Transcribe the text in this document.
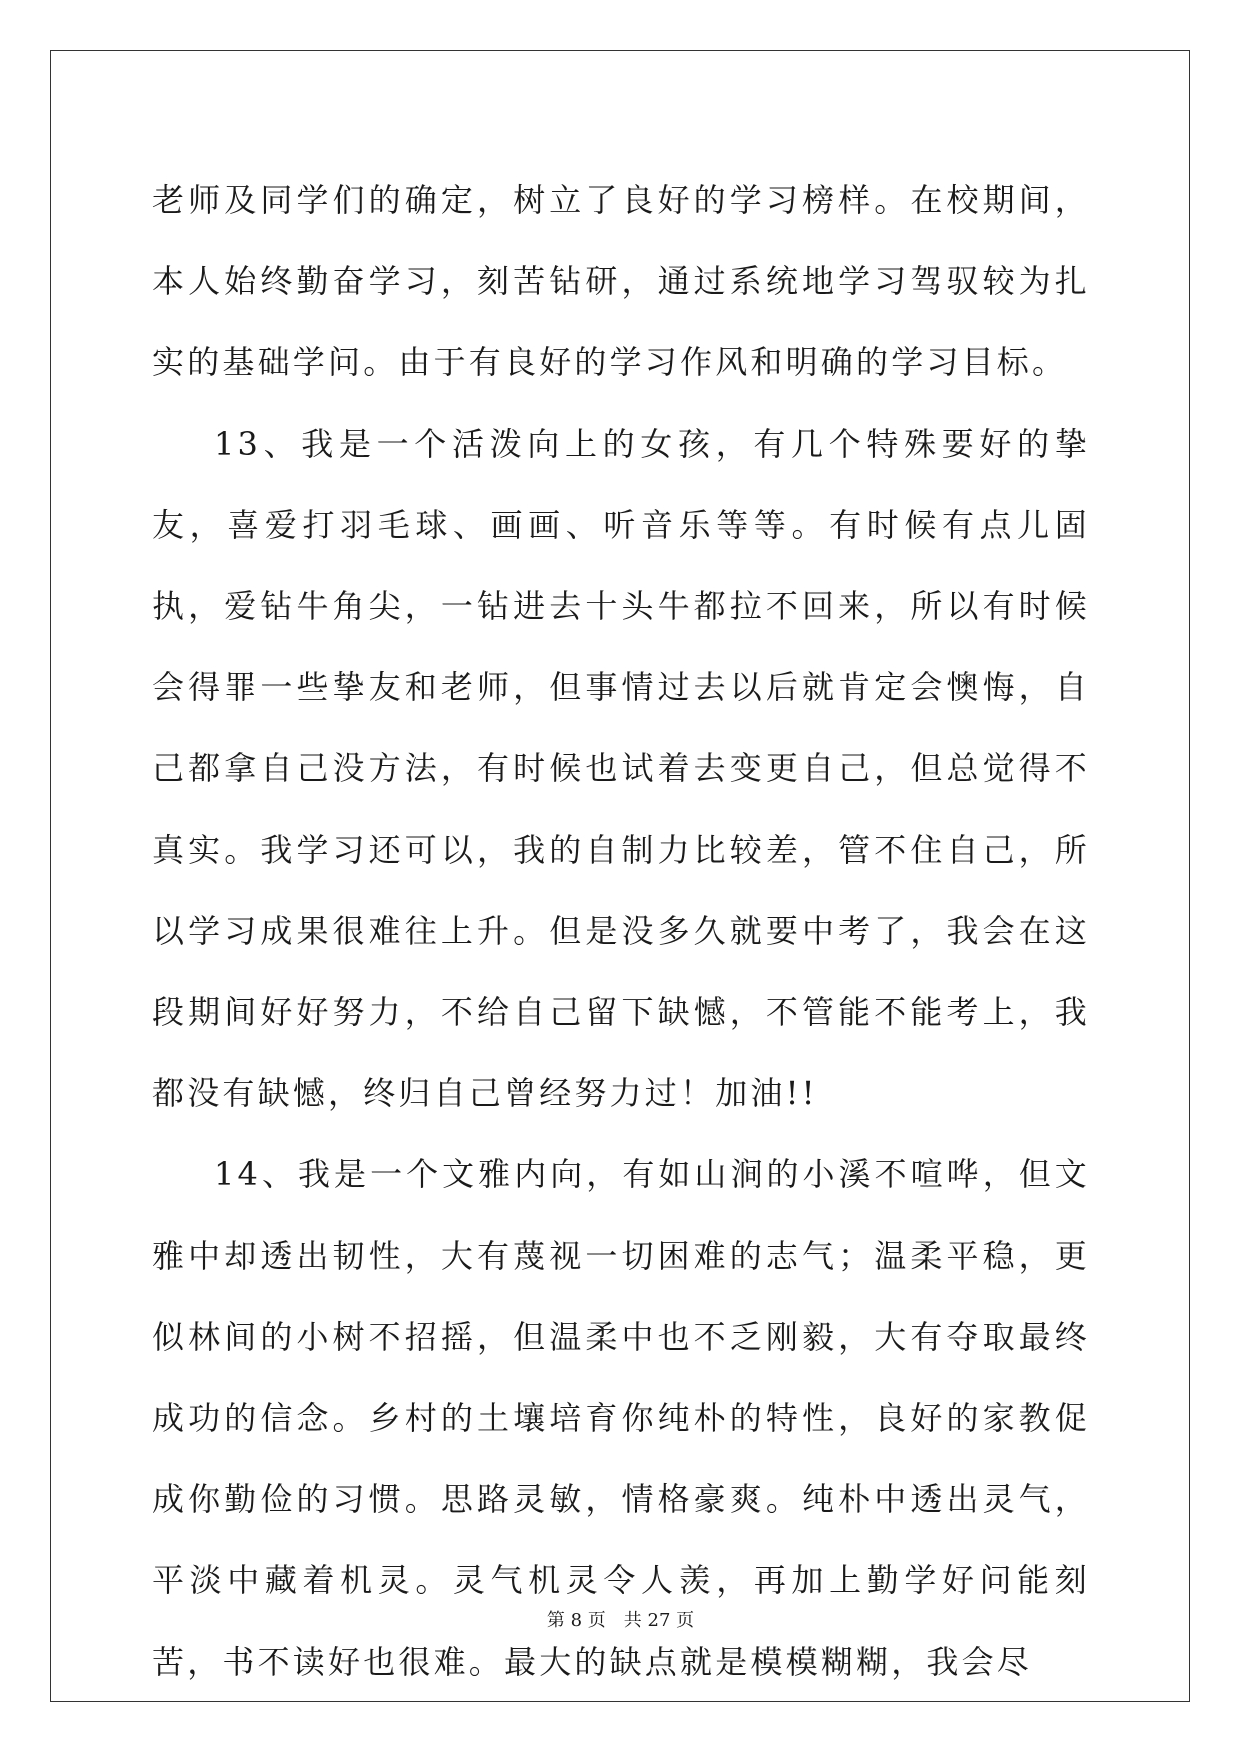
老师及同学们的确定，树立了良好的学习榜样。在校期间，本人始终勤奋学习，刻苦钻研，通过系统地学习驾驭较为扎实的基础学问。由于有良好的学习作风和明确的学习目标。

13、我是一个活泼向上的女孩，有几个特殊要好的挚友，喜爱打羽毛球、画画、听音乐等等。有时候有点儿固执，爱钻牛角尖，一钻进去十头牛都拉不回来，所以有时候会得罪一些挚友和老师，但事情过去以后就肯定会懊悔，自己都拿自己没方法，有时候也试着去变更自己，但总觉得不真实。我学习还可以，我的自制力比较差，管不住自己，所以学习成果很难往上升。但是没多久就要中考了，我会在这段期间好好努力，不给自己留下缺憾，不管能不能考上，我都没有缺憾，终归自己曾经努力过！加油!!

14、我是一个文雅内向，有如山涧的小溪不喧哗，但文雅中却透出韧性，大有蔑视一切困难的志气；温柔平稳，更似林间的小树不招摇，但温柔中也不乏刚毅，大有夺取最终成功的信念。乡村的土壤培育你纯朴的特性，良好的家教促成你勤俭的习惯。思路灵敏，情格豪爽。纯朴中透出灵气，平淡中藏着机灵。灵气机灵令人羡，再加上勤学好问能刻苦，书不读好也很难。最大的缺点就是模模糊糊，我会尽

第 8 页 共 27 页
